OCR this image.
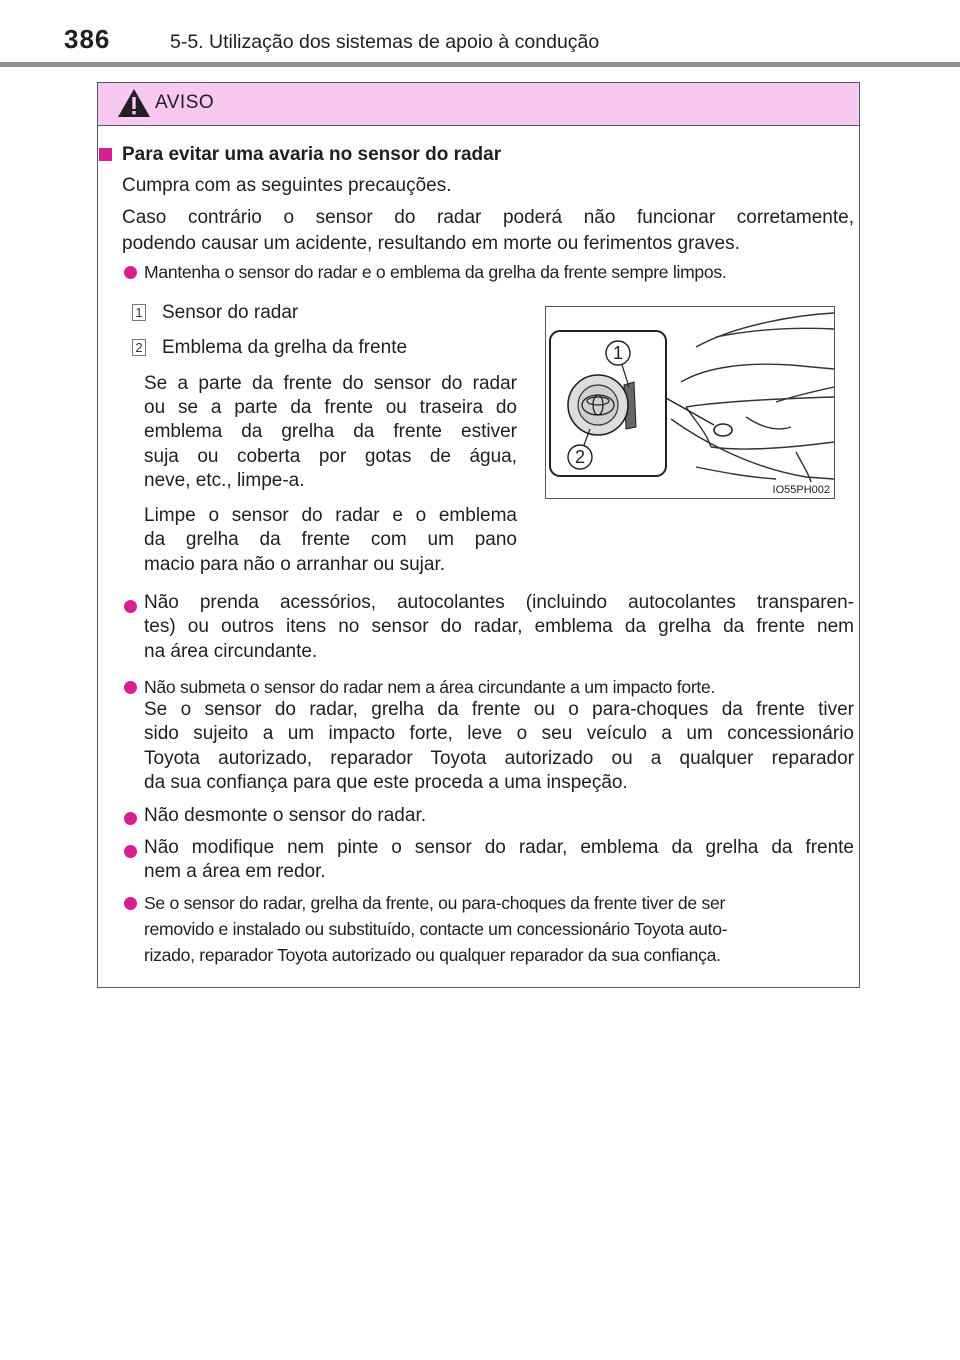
386	5-5. Utilização dos sistemas de apoio à condução
AVISO
Para evitar uma avaria no sensor do radar
Cumpra com as seguintes precauções.
Caso contrário o sensor do radar poderá não funcionar corretamente,
podendo causar um acidente, resultando em morte ou ferimentos graves.
Mantenha o sensor do radar e o emblema da grelha da frente sempre limpos.
1 Sensor do radar
2 Emblema da grelha da frente
Se a parte da frente do sensor do radar
ou se a parte da frente ou traseira do
emblema da grelha da frente estiver
suja ou coberta por gotas de água,
neve, etc., limpe-a.
Limpe o sensor do radar e o emblema
da grelha da frente com um pano
macio para não o arranhar ou sujar.
1
2
IO55PH002
Não prenda acessórios, autocolantes (incluindo autocolantes transparen-
tes) ou outros itens no sensor do radar, emblema da grelha da frente nem
na área circundante.
Não submeta o sensor do radar nem a área circundante a um impacto forte.
Se o sensor do radar, grelha da frente ou o para-choques da frente tiver
sido sujeito a um impacto forte, leve o seu veículo a um concessionário
Toyota autorizado, reparador Toyota autorizado ou a qualquer reparador
da sua confiança para que este proceda a uma inspeção.
Não desmonte o sensor do radar.
Não modifique nem pinte o sensor do radar, emblema da grelha da frente
nem a área em redor.
Se o sensor do radar, grelha da frente, ou para-choques da frente tiver de ser
removido e instalado ou substituído, contacte um concessionário Toyota auto-
rizado, reparador Toyota autorizado ou qualquer reparador da sua confiança.
